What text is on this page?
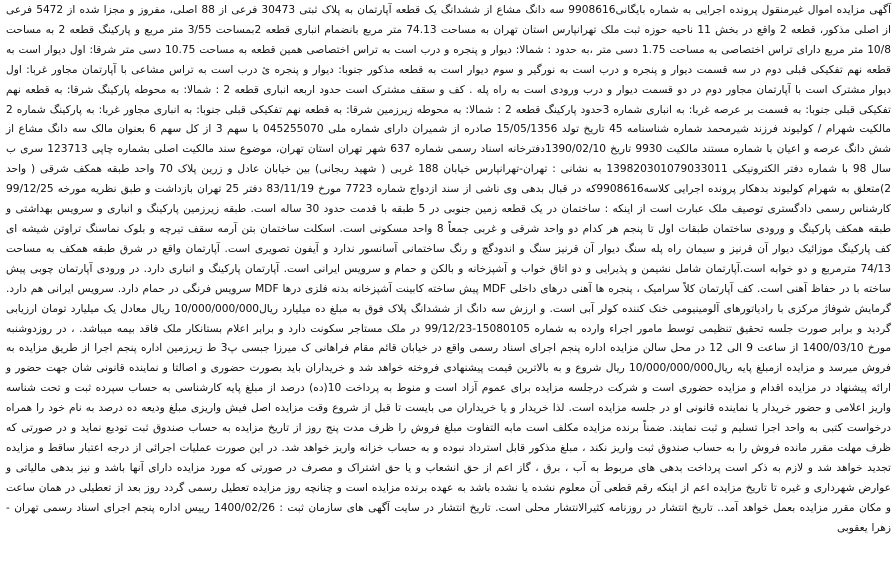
آگهی مزایده اموال غیرمنقول پرونده اجرایی به شماره بایگانی9908616 سه دانگ مشاع از ششدانگ یک قطعه آپارتمان به پلاک ثبتی 30473 فرعی از 88 اصلی، مفروز و مجزا شده از 5472 فرعی از اصلی مذکور، قطعه 2 واقع در بخش 11 ناحیه حوزه ثبت ملک تهرانپارس استان تهران به مساحت 74.13 متر مربع بانضمام انباری قطعه 2بمساحت 3/55 متر مربع و پارکینگ قطعه 2 به مساحت 10/8 متر مربع دارای تراس اختصاصی به مساحت 1.75 دسی متر ،به حدود : شمالا: دیوار و پنجره و درب است به تراس اختصاصی همین قطعه به مساحت 10.75 دسی متر شرقا: اول دیوار است به قطعه نهم تفکیکی قبلی دوم در سه قسمت دیوار و پنجره و درب است به نورگیر و سوم دیوار است به قطعه مذکور جنوبا: دیوار و پنجره ئ درب است به تراس مشاعی با آپارتمان مجاور غربا: اول دیوار مشترک است با آپارتمان مجاور دوم در دو قسمت دیوار و درب ورودی است به راه پله . کف و سقف مشترک است حدود اربعه انباری قطعه 2 : شمالا: به محوطه پارکینگ شرقا: به قطعه نهم تفکیکی قبلی جنوبا: به قسمت بر عرصه غربا: به انباری شماره 3حدود پارکینگ قطعه 2 : شمالا: به محوطه زیرزمین شرقا: به قطعه نهم تفکیکی قبلی جنوبا: به انباری مجاور غربا: به پارکینگ شماره 2 مالکیت شهرام / کولیوند فرزند شیرمحمد شماره شناسنامه 45 تاریخ تولد 15/05/1356 صادره از شمیران دارای شماره ملی 045255070 با سهم 3 از کل سهم 6 بعنوان مالک سه دانگ مشاع از شش دانگ عرصه و اعیان با شماره مستند مالکیت 9930 تاریخ 1390/02/10دفترخانه اسناد رسمی شماره 637 شهر تهران استان تهران، موضوع سند مالکیت اصلی بشماره چاپی 123713 سری ب سال 98 با شماره دفتر الکترونیکی 139820301079033011 به نشانی : تهران-تهرانپارس خیابان 188 غربی ( شهید ربجانی) بین خیابان عادل و زرین پلاک 70 واحد طبقه همکف شرقی ( واحد 2)متعلق به شهرام کولیوند بدهکار پرونده اجرایی کلاسه9908616که در قبال بدهی وی ناشی از سند ازدواج شماره 7723 مورخ 83/11/19 دفتر 25 تهران بازداشت و طبق نظریه مورخه 99/12/25 کارشناس رسمی دادگستری توصیف ملک عبارت است از اینکه : ساختمان در یک قطعه زمین جنوبی در 5 طبقه با قدمت حدود 30 ساله است. طبقه زیرزمین پارکینگ و انباری و سرویس بهداشتی و طبقه همکف پارکینگ و ورودی ساختمان طبقات اول تا پنجم هر کدام دو واحد شرقی و غربی جمعاً 8 واحد مسکونی است. اسکلت ساختمان بتن آرمه سقف تیرچه و بلوک نماسنگ تراوتن شیشه ای کف پارکینگ موزائیک دیوار آن قرنیز و سیمان راه پله سنگ دیوار آن قرنیز سنگ و اندودگچ و رنگ ساختمانی آسانسور ندارد و آیفون تصویری است. آپارتمان واقع در شرق طبقه همکف به مساحت 74/13 مترمربع و دو خوابه است.آپارتمان شامل نشیمن و پذیرایی و دو اتاق خواب و آشپزخانه و بالکن و حمام و سرویس ایرانی است. آپارتمان پارکینگ و انباری دارد. در ورودی آپارتمان چوبی پیش ساخته با در حفاظ آهنی است. کف آپارتمان کلاً سرامیک ، پنجره ها آهنی درهای داخلی MDF پیش ساخته کابینت آشپزخانه بدنه فلزی درها MDF سرویس فرنگی در حمام دارد. سرویس ایرانی هم دارد. گرمایش شوفاژ مرکزی با رادیاتورهای آلومینیومی خنک کننده کولر آبی است. و ارزش سه دانگ از ششدانگ پلاک فوق به مبلغ ده میلیارد ریال10/000/000/000 ریال معادل یک میلیارد تومان ارزیابی گردید و برابر صورت جلسه تحقیق تنظیمی توسط مامور اجراء وارده به شماره 15080105-99/12/23 در ملک مستاجر سکونت دارد و برابر اعلام بستانکار ملک فاقد بیمه میباشد. ، در روزدوشنبه مورخ 1400/03/10 از ساعت 9 الی 12 در محل سالن مزایده اداره پنجم اجرای اسناد رسمی واقع در خیابان قائم مقام فراهانی ک میرزا جبسی پ3 ط زیرزمین اداره پنجم اجرا از طریق مزایده به فروش میرسد و مزایده ازمبلغ پایه ریال10/000/000/000 ریال شروع و به بالاترین قیمت پیشنهادی فروخته خواهد شد و خریداران باید بصورت حضوری و اصالتا و نماینده قانونی شان جهت حضور و ارائه پیشنهاد در مزایده اقدام و مزایده حضوری است و شرکت درجلسه مزایده برای عموم آزاد است و منوط به پرداخت 10(ده) درصد از مبلغ پایه کارشناسی به حساب سپرده ثبت و تحت شناسه واریز اعلامی و حضور خریدار یا نماینده قانونی او در جلسه مزایده است. لذا خریدار و یا خریداران می بایست تا قبل از شروع وقت مزایده اصل فیش واریزی مبلغ ودیعه ده درصد به نام خود را همراه درخواست کتبی به واحد اجرا تسلیم و ثبت نمایند. ضمناً برنده مزایده مکلف است مابه التفاوت مبلغ فروش را ظرف مدت پنج روز از تاریخ مزایده به حساب صندوق ثبت تودیع نماید و در صورتی که ظرف مهلت مقرر مانده فروش را به حساب صندوق ثبت واریز نکند ، مبلغ مذکور قابل استرداد نبوده و به حساب خزانه واریز خواهد شد. در این صورت عملیات اجرائی از درجه اعتبار ساقط و مزایده تجدید خواهد شد و لازم به ذکر است پرداخت بدهی های مربوط به آب ، برق ، گاز اعم از حق انشعاب و یا حق اشتراک و مصرف در صورتی که مورد مزایده دارای آنها باشد و نیز بدهی مالیاتی و عوارض شهرداری و غیره تا تاریخ مزایده اعم از اینکه رقم قطعی آن معلوم نشده یا نشده باشد به عهده برنده مزایده است و چنانچه روز مزایده تعطیل رسمی گردد روز بعد از تعطیلی در همان ساعت و مکان مقرر مزایده بعمل خواهد آمد.. تاریخ انتشار در روزنامه کثیرالانتشار محلی است. تاریخ انتشار در سایت آگهی های سازمان ثبت : 1400/02/26 رییس اداره پنجم اجرای اسناد رسمی تهران - زهرا یعقوبی
